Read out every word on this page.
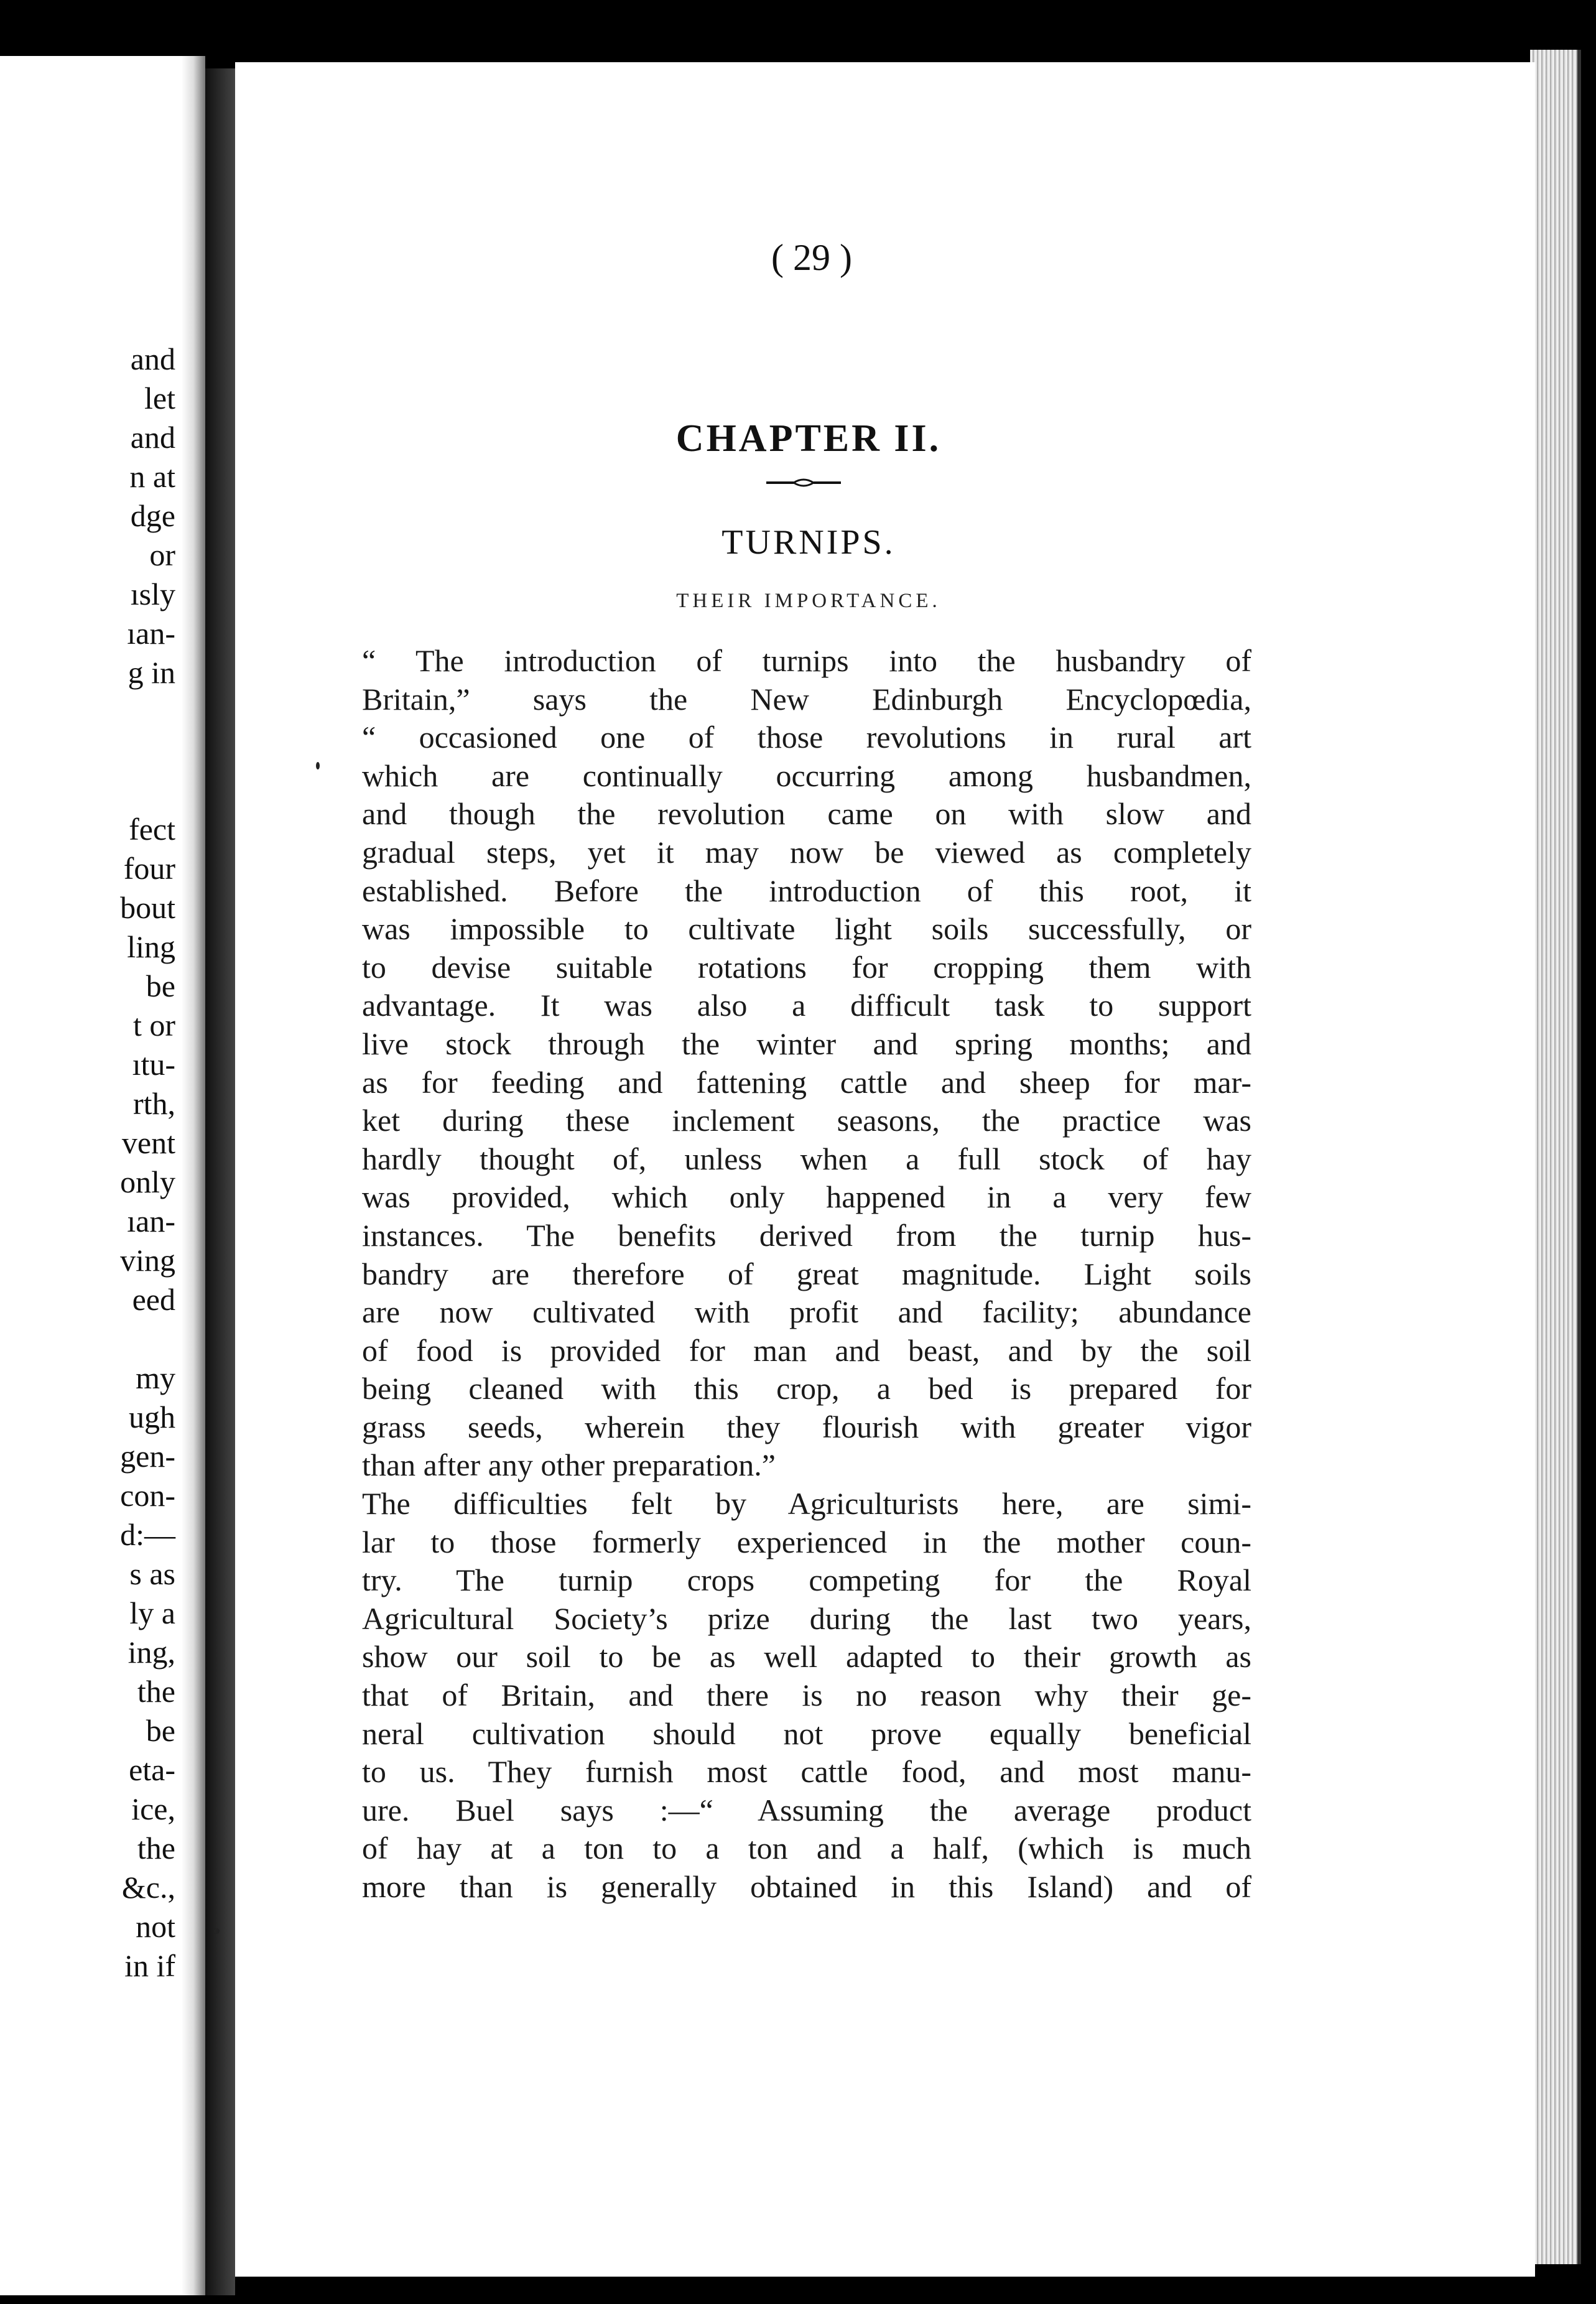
and
let
and
n at
dge
or
ısly
ıan-
g in
fect
four
bout
ling
be
t or
ıtu-
rth,
vent
only
ıan-
ving
eed
my
ugh
gen-
con-
d:—
s as
ly a
ing,
the
be
eta-
ice,
the
&c.,
not
in if
( 29 )
CHAPTER II.
TURNIPS.
THEIR IMPORTANCE.
“ The introduction of turnips into the husbandry of
Britain,” says the New Edinburgh Encyclopœdia,
“ occasioned one of those revolutions in rural art
which are continually occurring among husbandmen,
and though the revolution came on with slow and
gradual steps, yet it may now be viewed as completely
established. Before the introduction of this root, it
was impossible to cultivate light soils successfully, or
to devise suitable rotations for cropping them with
advantage. It was also a difficult task to support
live stock through the winter and spring months; and
as for feeding and fattening cattle and sheep for mar-
ket during these inclement seasons, the practice was
hardly thought of, unless when a full stock of hay
was provided, which only happened in a very few
instances. The benefits derived from the turnip hus-
bandry are therefore of great magnitude. Light soils
are now cultivated with profit and facility; abundance
of food is provided for man and beast, and by the soil
being cleaned with this crop, a bed is prepared for
grass seeds, wherein they flourish with greater vigor
than after any other preparation.”
The difficulties felt by Agriculturists here, are simi-
lar to those formerly experienced in the mother coun-
try. The turnip crops competing for the Royal
Agricultural Society’s prize during the last two years,
show our soil to be as well adapted to their growth as
that of Britain, and there is no reason why their ge-
neral cultivation should not prove equally beneficial
to us. They furnish most cattle food, and most manu-
ure. Buel says :—“ Assuming the average product
of hay at a ton to a ton and a half, (which is much
more than is generally obtained in this Island) and of
